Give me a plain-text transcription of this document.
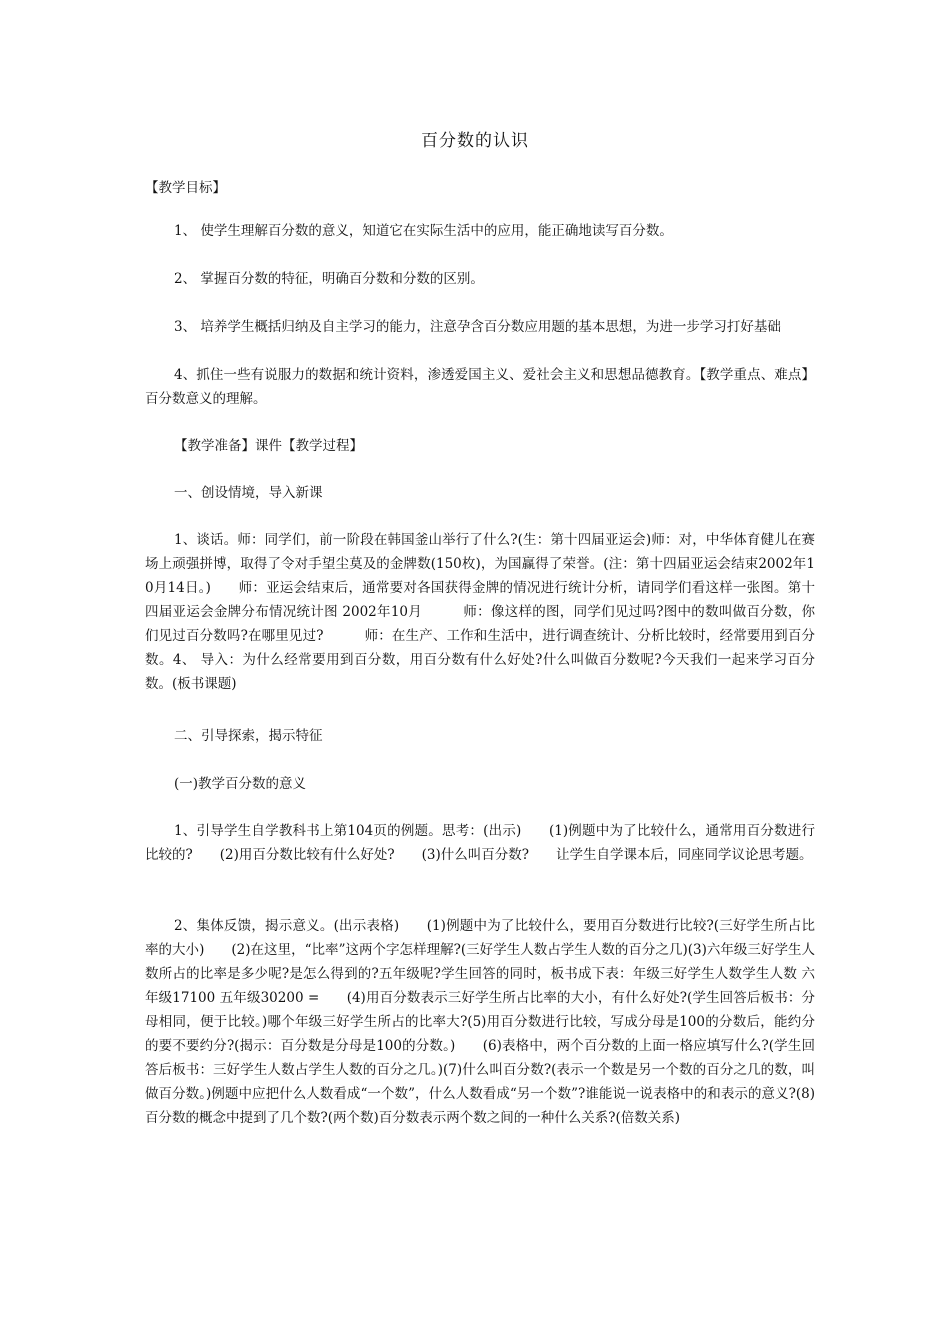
百分数的认识

【教学目标】

1、 使学生理解百分数的意义，知道它在实际生活中的应用，能正确地读写百分数。

2、 掌握百分数的特征，明确百分数和分数的区别。

3、 培养学生概括归纳及自主学习的能力，注意孕含百分数应用题的基本思想，为进一步学习打好基础

4、抓住一些有说服力的数据和统计资料，渗透爱国主义、爱社会主义和思想品德教育。【教学重点、难点】百分数意义的理解。

【教学准备】课件【教学过程】

一、创设情境，导入新课

1、谈话。师：同学们，前一阶段在韩国釜山举行了什么?(生：第十四届亚运会)师：对，中华体育健儿在赛场上顽强拼博，取得了令对手望尘莫及的金牌数(150枚)，为国赢得了荣誉。(注：第十四届亚运会结束2002年10月14日。)　　师：亚运会结束后，通常要对各国获得金牌的情况进行统计分析，请同学们看这样一张图。第十四届亚运会金牌分布情况统计图 2002年10月　　　师：像这样的图，同学们见过吗?图中的数叫做百分数，你们见过百分数吗?在哪里见过?　　　师：在生产、工作和生活中，进行调查统计、分析比较时，经常要用到百分数。4、 导入：为什么经常要用到百分数，用百分数有什么好处?什么叫做百分数呢?今天我们一起来学习百分数。(板书课题)

二、引导探索，揭示特征

(一)教学百分数的意义

1、引导学生自学教科书上第104页的例题。思考：(出示)　　(1)例题中为了比较什么，通常用百分数进行比较的?　　(2)用百分数比较有什么好处?　　(3)什么叫百分数?　　让学生自学课本后，同座同学议论思考题。

2、集体反馈，揭示意义。(出示表格)　　(1)例题中为了比较什么，要用百分数进行比较?(三好学生所占比率的大小)　　(2)在这里，“比率”这两个字怎样理解?(三好学生人数占学生人数的百分之几)(3)六年级三好学生人数所占的比率是多少呢?是怎么得到的?五年级呢?学生回答的同时，板书成下表：年级三好学生人数学生人数 六年级17100 五年级30200 =　　(4)用百分数表示三好学生所占比率的大小，有什么好处?(学生回答后板书：分母相同，便于比较。)哪个年级三好学生所占的比率大?(5)用百分数进行比较，写成分母是100的分数后，能约分的要不要约分?(揭示：百分数是分母是100的分数。)　　(6)表格中，两个百分数的上面一格应填写什么?(学生回答后板书：三好学生人数占学生人数的百分之几。)(7)什么叫百分数?(表示一个数是另一个数的百分之几的数，叫做百分数。)例题中应把什么人数看成“一个数”，什么人数看成“另一个数”?谁能说一说表格中的和表示的意义?(8)百分数的概念中提到了几个数?(两个数)百分数表示两个数之间的一种什么关系?(倍数关系)
